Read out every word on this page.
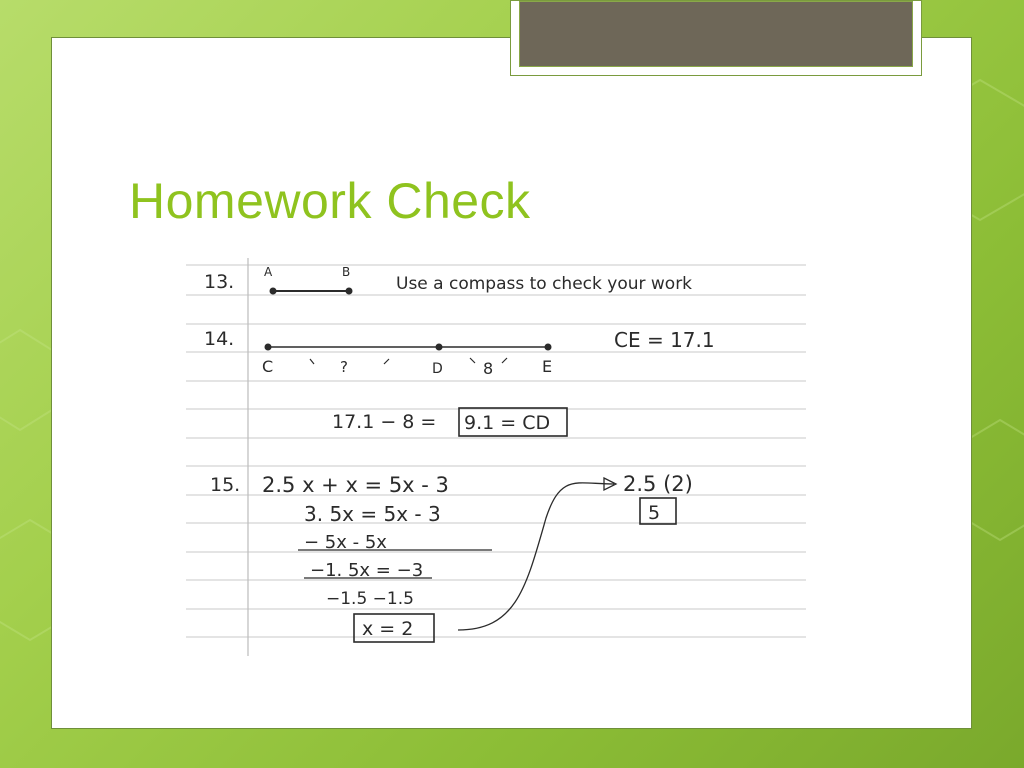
Homework Check
13. A	B
Use a compass to check your work
14.
C	?	D	8	E
CE = 17.1
17.1 − 8 = 9.1 = CD
15. 2.5 x + x = 5x - 3
3. 5x = 5x - 3
− 5x - 5x
−1. 5x = −3
−1.5 −1.5
x = 2
2.5 (2)
5
